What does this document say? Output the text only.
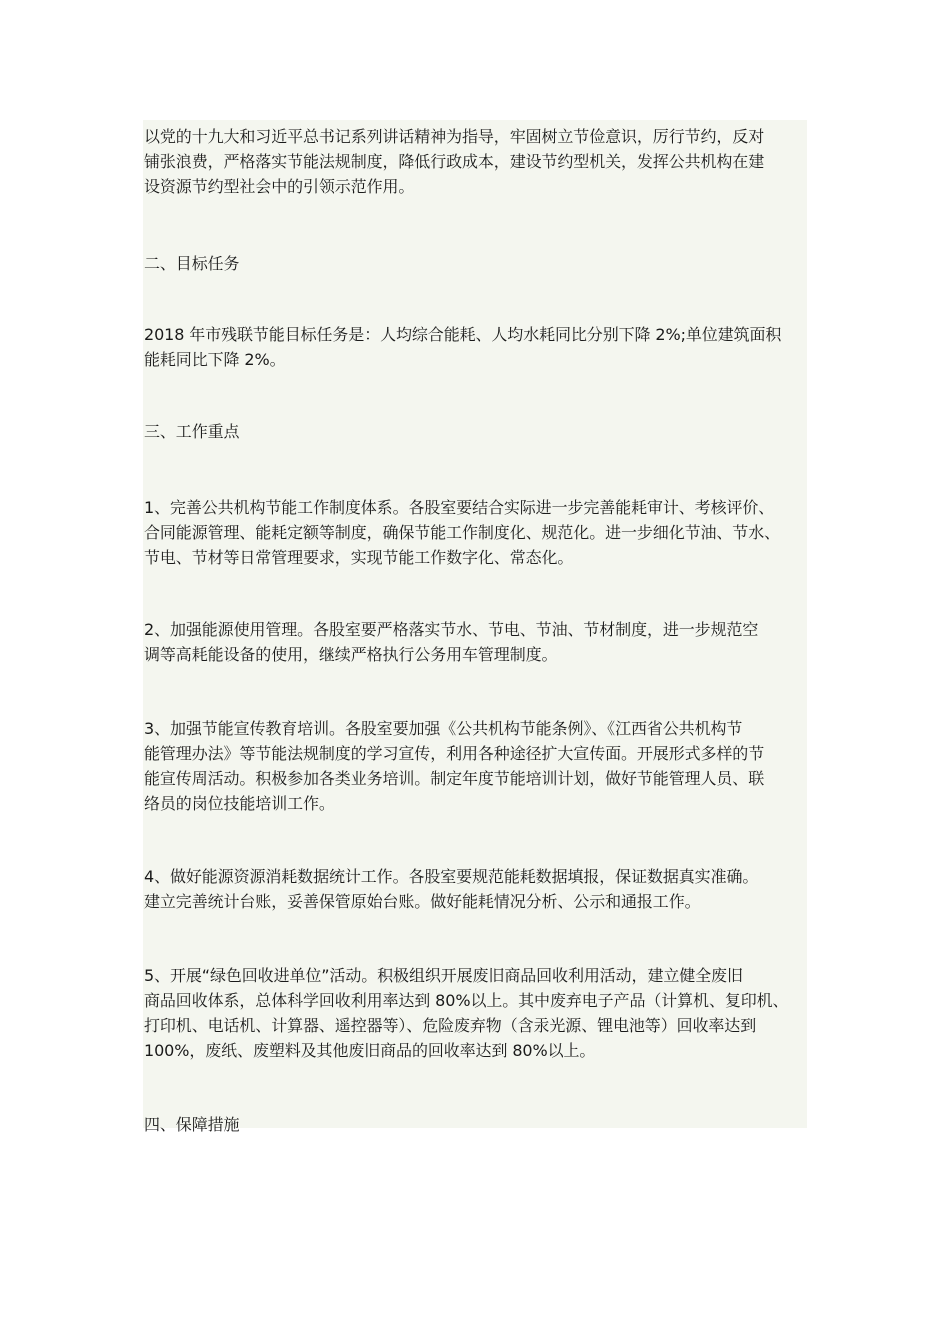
以党的十九大和习近平总书记系列讲话精神为指导，牢固树立节俭意识，厉行节约，反对
铺张浪费，严格落实节能法规制度，降低行政成本，建设节约型机关，发挥公共机构在建
设资源节约型社会中的引领示范作用。

二、目标任务

2018 年市残联节能目标任务是：人均综合能耗、人均水耗同比分别下降 2%;单位建筑面积
能耗同比下降 2%。

三、工作重点

1、完善公共机构节能工作制度体系。各股室要结合实际进一步完善能耗审计、考核评价、
合同能源管理、能耗定额等制度，确保节能工作制度化、规范化。进一步细化节油、节水、
节电、节材等日常管理要求，实现节能工作数字化、常态化。

2、加强能源使用管理。各股室要严格落实节水、节电、节油、节材制度，进一步规范空
调等高耗能设备的使用，继续严格执行公务用车管理制度。

3、加强节能宣传教育培训。各股室要加强《公共机构节能条例》、《江西省公共机构节
能管理办法》等节能法规制度的学习宣传，利用各种途径扩大宣传面。开展形式多样的节
能宣传周活动。积极参加各类业务培训。制定年度节能培训计划，做好节能管理人员、联
络员的岗位技能培训工作。

4、做好能源资源消耗数据统计工作。各股室要规范能耗数据填报，保证数据真实准确。
建立完善统计台账，妥善保管原始台账。做好能耗情况分析、公示和通报工作。

5、开展“绿色回收进单位”活动。积极组织开展废旧商品回收利用活动，建立健全废旧
商品回收体系，总体科学回收利用率达到 80%以上。其中废弃电子产品（计算机、复印机、
打印机、电话机、计算器、遥控器等）、危险废弃物（含汞光源、锂电池等）回收率达到
100%，废纸、废塑料及其他废旧商品的回收率达到 80%以上。

四、保障措施
